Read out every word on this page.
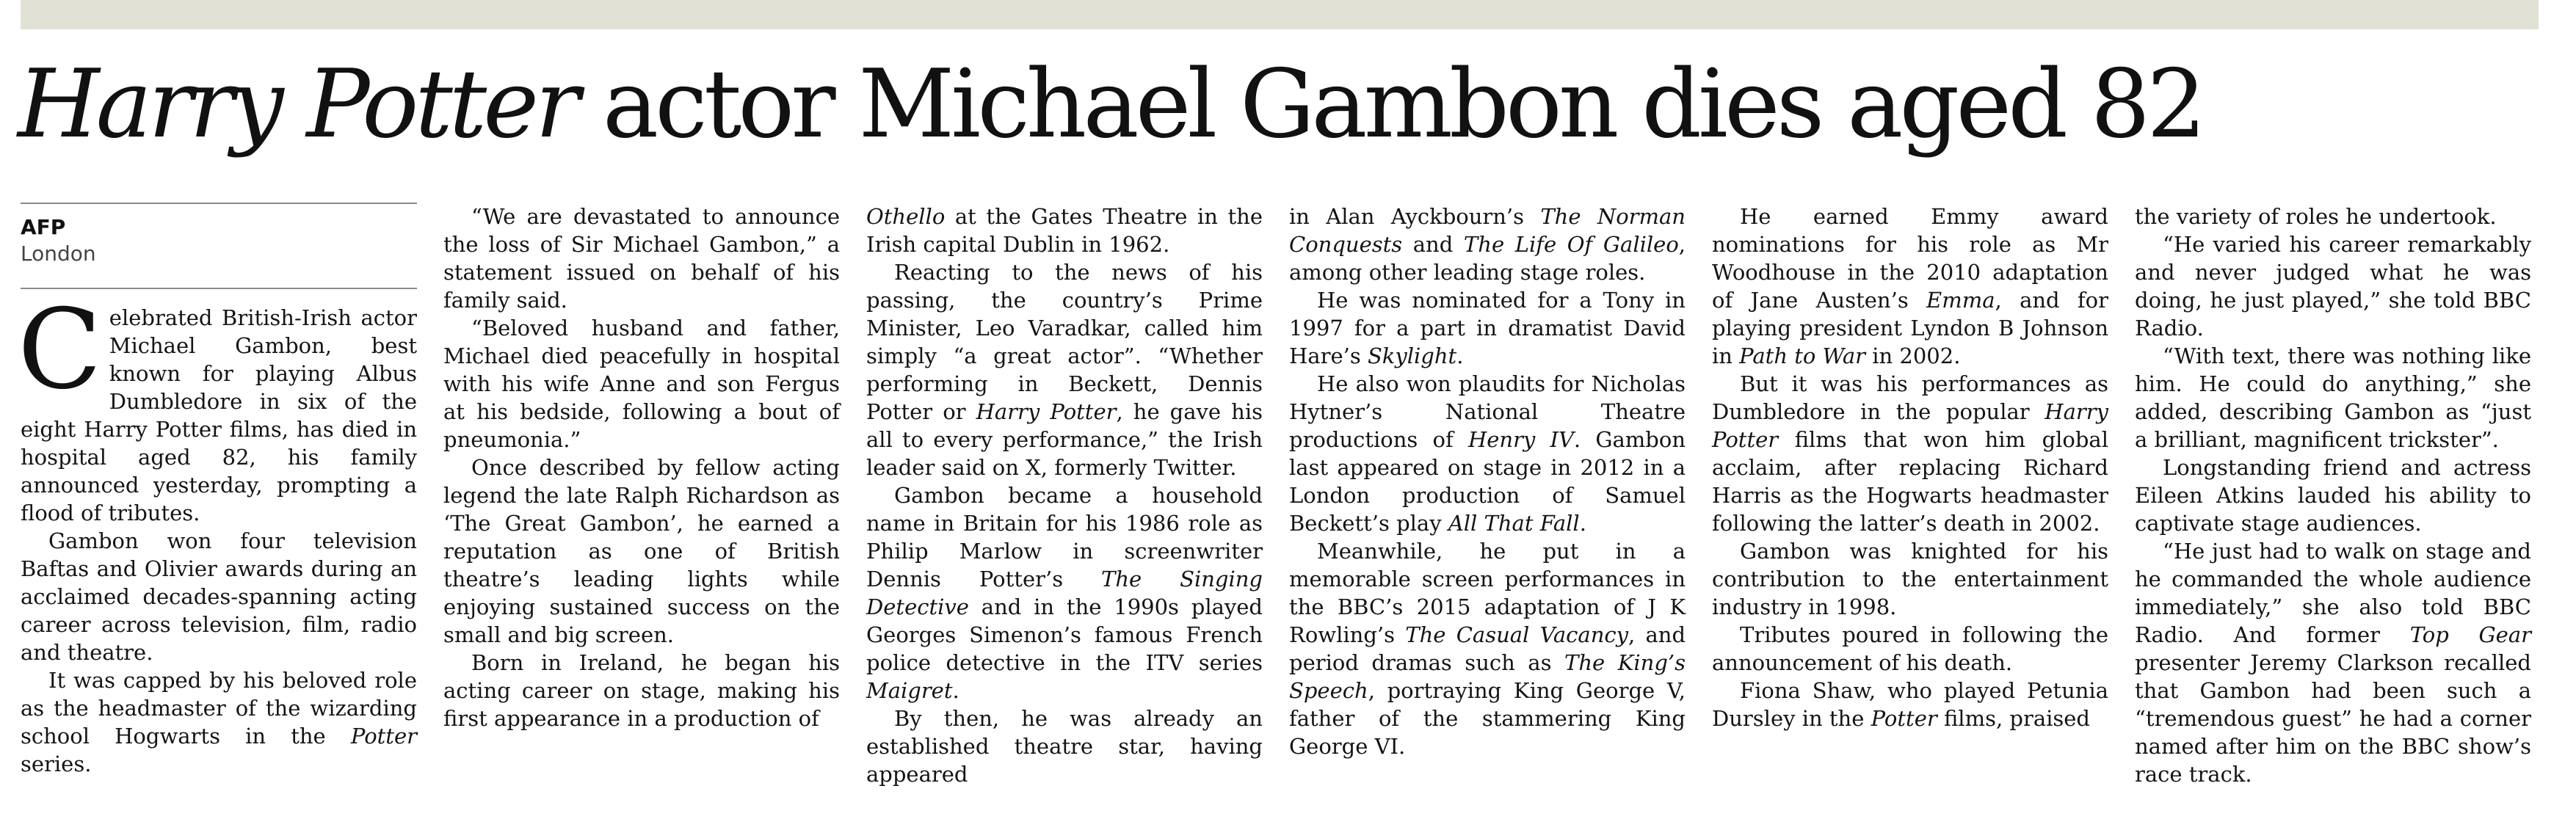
Harry Potter actor Michael Gambon dies aged 82
AFP
London

Celebrated British-Irish actor Michael Gambon, best known for playing Albus Dumbledore in six of the eight Harry Potter films, has died in hospital aged 82, his family announced yesterday, prompting a flood of tributes.

Gambon won four television Baftas and Olivier awards during an acclaimed decades-spanning acting career across television, film, radio and theatre.

It was capped by his beloved role as the headmaster of the wizarding school Hogwarts in the Potter series.

“We are devastated to announce the loss of Sir Michael Gambon,” a statement issued on behalf of his family said.

“Beloved husband and father, Michael died peacefully in hospital with his wife Anne and son Fergus at his bedside, following a bout of pneumonia.”

Once described by fellow acting legend the late Ralph Richardson as ‘The Great Gambon’, he earned a reputation as one of British theatre’s leading lights while enjoying sustained success on the small and big screen.

Born in Ireland, he began his acting career on stage, making his first appearance in a production of

Othello at the Gates Theatre in the Irish capital Dublin in 1962.

Reacting to the news of his passing, the country’s Prime Minister, Leo Varadkar, called him simply “a great actor”. “Whether performing in Beckett, Dennis Potter or Harry Potter, he gave his all to every performance,” the Irish leader said on X, formerly Twitter.

Gambon became a household name in Britain for his 1986 role as Philip Marlow in screenwriter Dennis Potter’s The Singing Detective and in the 1990s played Georges Simenon’s famous French police detective in the ITV series Maigret.

By then, he was already an established theatre star, having appeared

in Alan Ayckbourn’s The Norman Conquests and The Life Of Galileo, among other leading stage roles.

He was nominated for a Tony in 1997 for a part in dramatist David Hare’s Skylight.

He also won plaudits for Nicholas Hytner’s National Theatre productions of Henry IV. Gambon last appeared on stage in 2012 in a London production of Samuel Beckett’s play All That Fall.

Meanwhile, he put in a memorable screen performances in the BBC’s 2015 adaptation of J K Rowling’s The Casual Vacancy, and period dramas such as The King’s Speech, portraying King George V, father of the stammering King George VI.

He earned Emmy award nominations for his role as Mr Woodhouse in the 2010 adaptation of Jane Austen’s Emma, and for playing president Lyndon B Johnson in Path to War in 2002.

But it was his performances as Dumbledore in the popular Harry Potter films that won him global acclaim, after replacing Richard Harris as the Hogwarts headmaster following the latter’s death in 2002.

Gambon was knighted for his contribution to the entertainment industry in 1998.

Tributes poured in following the announcement of his death.

Fiona Shaw, who played Petunia Dursley in the Potter films, praised

the variety of roles he undertook.

“He varied his career remarkably and never judged what he was doing, he just played,” she told BBC Radio.

“With text, there was nothing like him. He could do anything,” she added, describing Gambon as “just a brilliant, magnificent trickster”.

Longstanding friend and actress Eileen Atkins lauded his ability to captivate stage audiences.

“He just had to walk on stage and he commanded the whole audience immediately,” she also told BBC Radio. And former Top Gear presenter Jeremy Clarkson recalled that Gambon had been such a “tremendous guest” he had a corner named after him on the BBC show’s race track.
